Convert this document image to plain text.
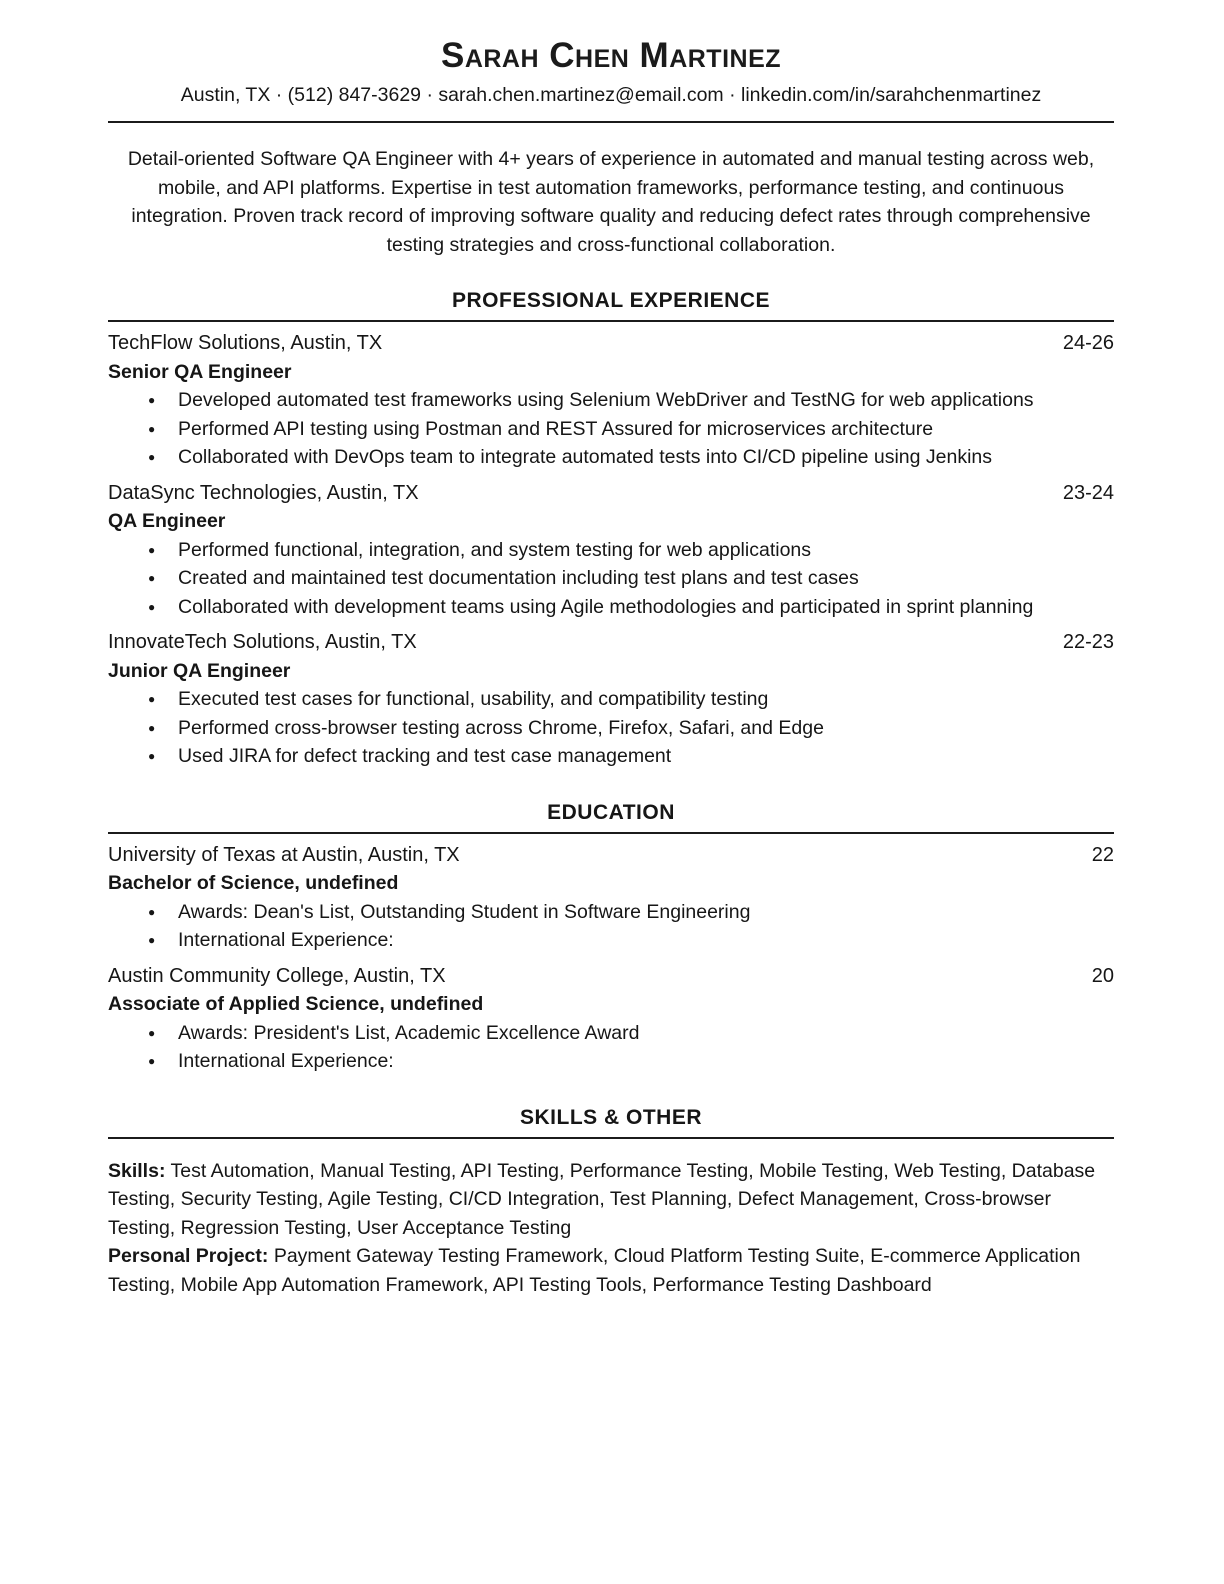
Sarah Chen Martinez
Austin, TX · (512) 847-3629 · sarah.chen.martinez@email.com · linkedin.com/in/sarahchenmartinez

Detail-oriented Software QA Engineer with 4+ years of experience in automated and manual testing across web, mobile, and API platforms. Expertise in test automation frameworks, performance testing, and continuous integration. Proven track record of improving software quality and reducing defect rates through comprehensive testing strategies and cross-functional collaboration.

PROFESSIONAL EXPERIENCE
TechFlow Solutions, Austin, TX	24-26
Senior QA Engineer
● Developed automated test frameworks using Selenium WebDriver and TestNG for web applications
● Performed API testing using Postman and REST Assured for microservices architecture
● Collaborated with DevOps team to integrate automated tests into CI/CD pipeline using Jenkins
DataSync Technologies, Austin, TX	23-24
QA Engineer
● Performed functional, integration, and system testing for web applications
● Created and maintained test documentation including test plans and test cases
● Collaborated with development teams using Agile methodologies and participated in sprint planning
InnovateTech Solutions, Austin, TX	22-23
Junior QA Engineer
● Executed test cases for functional, usability, and compatibility testing
● Performed cross-browser testing across Chrome, Firefox, Safari, and Edge
● Used JIRA for defect tracking and test case management
EDUCATION
University of Texas at Austin, Austin, TX	22
Bachelor of Science, undefined
● Awards: Dean's List, Outstanding Student in Software Engineering
● International Experience:
Austin Community College, Austin, TX	20
Associate of Applied Science, undefined
● Awards: President's List, Academic Excellence Award
● International Experience:
SKILLS & OTHER

Skills: Test Automation, Manual Testing, API Testing, Performance Testing, Mobile Testing, Web Testing, Database Testing, Security Testing, Agile Testing, CI/CD Integration, Test Planning, Defect Management, Cross-browser Testing, Regression Testing, User Acceptance Testing

Personal Project: Payment Gateway Testing Framework, Cloud Platform Testing Suite, E-commerce Application Testing, Mobile App Automation Framework, API Testing Tools, Performance Testing Dashboard
